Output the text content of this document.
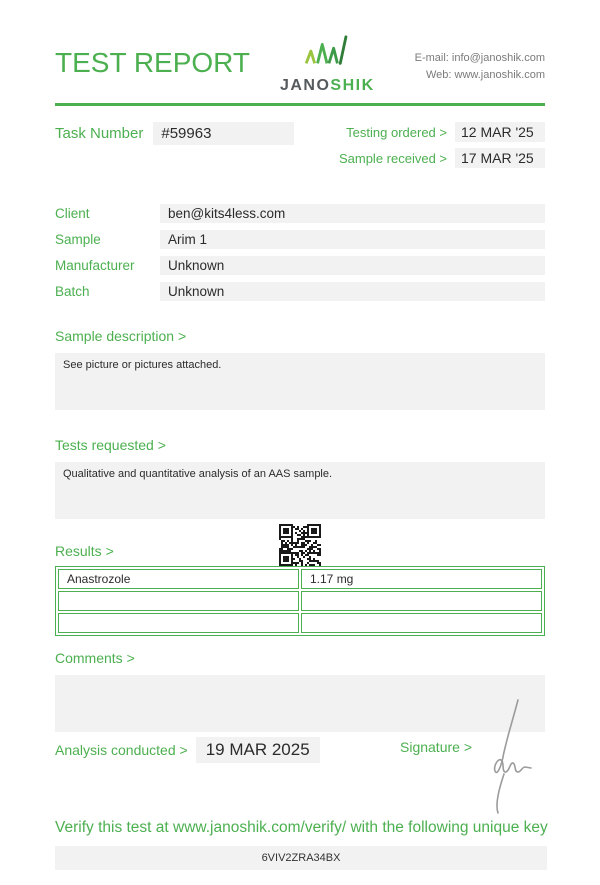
TEST REPORT
JANOSHIK
E-mail: info@janoshik.com
Web: www.janoshik.com
Task Number	#59963	Testing ordered >	12 MAR '25
Sample received >	17 MAR '25
Client	ben@kits4less.com
Sample	Arim 1
Manufacturer	Unknown
Batch	Unknown
Sample description >
See picture or pictures attached.
Tests requested >
Qualitative and quantitative analysis of an AAS sample.
Results >
Anastrozole	1.17 mg

Comments >
Analysis conducted >	19 MAR 2025	Signature >
Verify this test at www.janoshik.com/verify/ with the following unique key
6VIV2ZRA34BX
